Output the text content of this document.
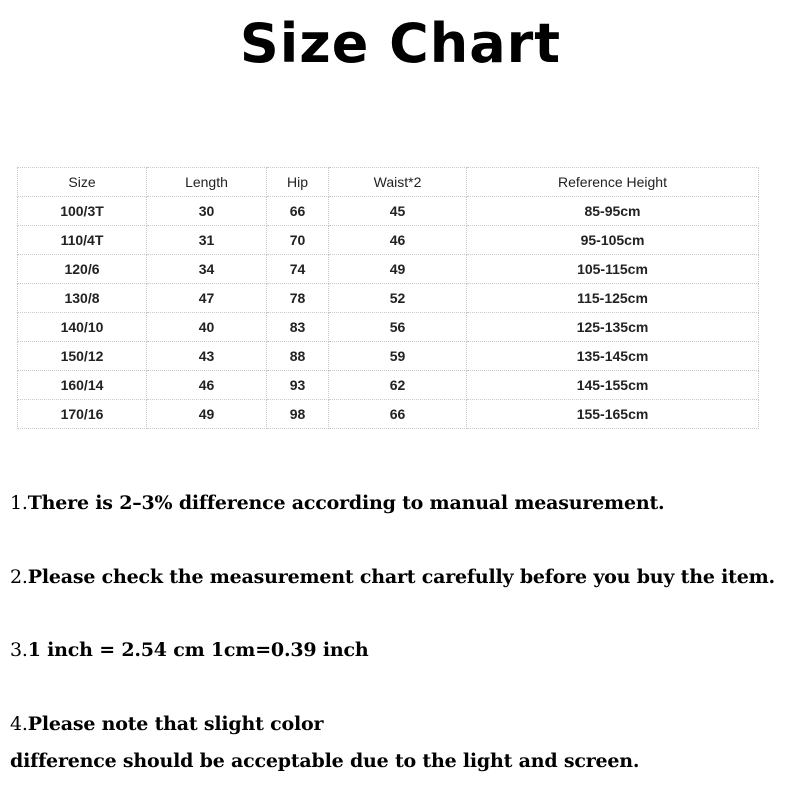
Size Chart
Size	Length	Hip	Waist*2	Reference Height
100/3T	30	66	45	85-95cm
110/4T	31	70	46	95-105cm
120/6	34	74	49	105-115cm
130/8	47	78	52	115-125cm
140/10	40	83	56	125-135cm
150/12	43	88	59	135-145cm
160/14	46	93	62	145-155cm
170/16	49	98	66	155-165cm
1.There is 2–3% difference according to manual measurement.
2.Please check the measurement chart carefully before you buy the item.
3.1 inch = 2.54 cm 1cm=0.39 inch
4.Please note that slight color
difference should be acceptable due to the light and screen.
